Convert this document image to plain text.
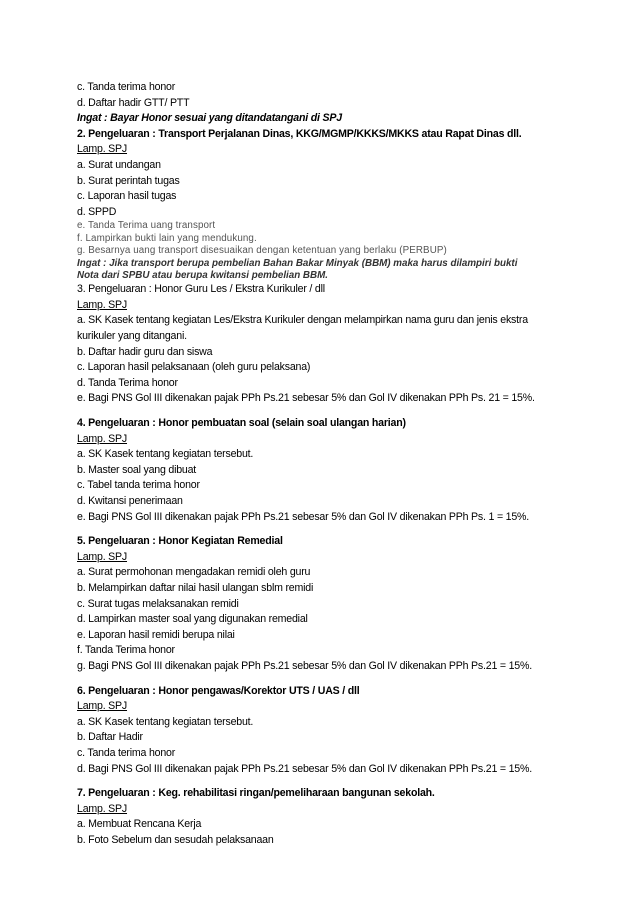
c. Tanda terima honor
d. Daftar hadir GTT/ PTT
Ingat : Bayar Honor sesuai yang ditandatangani di SPJ
2. Pengeluaran : Transport Perjalanan Dinas, KKG/MGMP/KKKS/MKKS atau Rapat Dinas dll.
Lamp. SPJ
a. Surat undangan
b. Surat perintah tugas
c. Laporan hasil tugas
d. SPPD
e. Tanda Terima uang transport
f. Lampirkan bukti lain yang mendukung.
g. Besarnya uang transport disesuaikan dengan ketentuan yang berlaku (PERBUP)
Ingat : Jika transport berupa pembelian Bahan Bakar Minyak (BBM) maka harus dilampiri bukti
Nota dari SPBU atau berupa kwitansi pembelian BBM.
3. Pengeluaran : Honor Guru Les / Ekstra Kurikuler / dll
Lamp. SPJ
a. SK Kasek tentang kegiatan Les/Ekstra Kurikuler dengan melampirkan nama guru dan jenis ekstra
kurikuler yang ditangani.
b. Daftar hadir guru dan siswa
c. Laporan hasil pelaksanaan (oleh guru pelaksana)
d. Tanda Terima honor
e. Bagi PNS Gol III dikenakan pajak PPh Ps.21 sebesar 5% dan Gol IV dikenakan PPh Ps. 21 = 15%.
4. Pengeluaran : Honor pembuatan soal (selain soal ulangan harian)
Lamp. SPJ
a. SK Kasek tentang kegiatan tersebut.
b. Master soal yang dibuat
c. Tabel tanda terima honor
d. Kwitansi penerimaan
e. Bagi PNS Gol III dikenakan pajak PPh Ps.21 sebesar 5% dan Gol IV dikenakan PPh Ps. 1 = 15%.
5. Pengeluaran : Honor Kegiatan Remedial
Lamp. SPJ
a. Surat permohonan mengadakan remidi oleh guru
b. Melampirkan daftar nilai hasil ulangan sblm remidi
c. Surat tugas melaksanakan remidi
d. Lampirkan master soal yang digunakan remedial
e. Laporan hasil remidi berupa nilai
f. Tanda Terima honor
g. Bagi PNS Gol III dikenakan pajak PPh Ps.21 sebesar 5% dan Gol IV dikenakan PPh Ps.21 = 15%.
6. Pengeluaran : Honor pengawas/Korektor UTS / UAS / dll
Lamp. SPJ
a. SK Kasek tentang kegiatan tersebut.
b. Daftar Hadir
c. Tanda terima honor
d. Bagi PNS Gol III dikenakan pajak PPh Ps.21 sebesar 5% dan Gol IV dikenakan PPh Ps.21 = 15%.
7. Pengeluaran : Keg. rehabilitasi ringan/pemeliharaan bangunan sekolah.
Lamp. SPJ
a. Membuat Rencana Kerja
b. Foto Sebelum dan sesudah pelaksanaan
